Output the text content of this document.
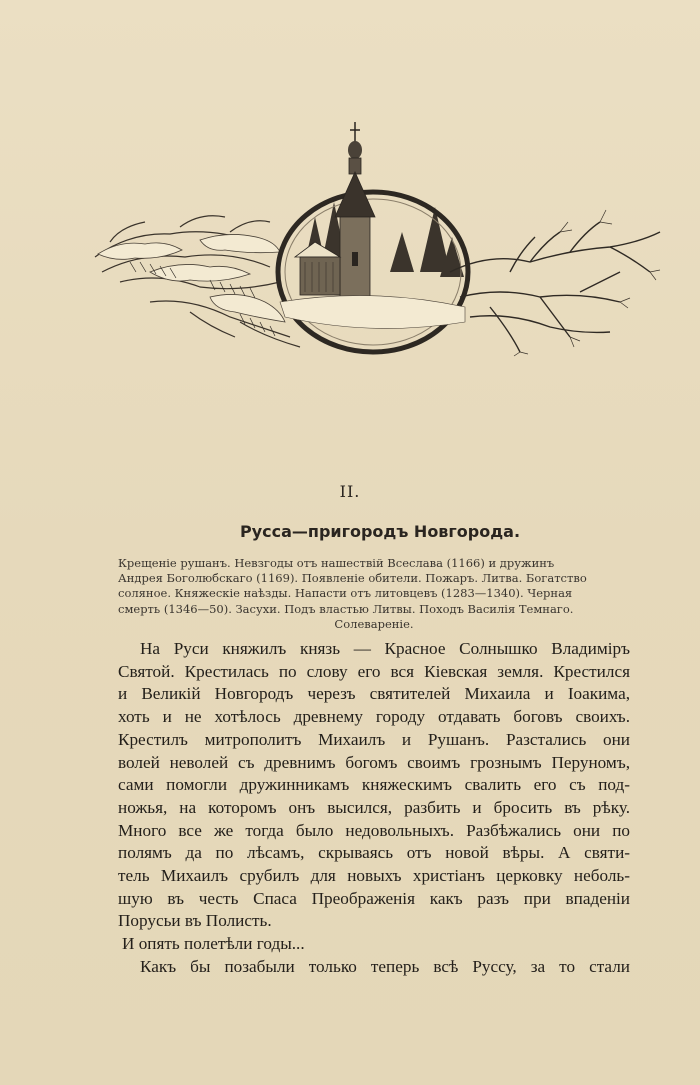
II.
Русса—пригородъ Новгорода.
Крещеніе рушанъ. Невзгоды отъ нашествій Всеслава (1166) и дружинъ
Андрея Боголюбскаго (1169). Появленіе обители. Пожаръ. Литва. Богатство
соляное. Княжескіе наѣзды. Напасти отъ литовцевъ (1283—1340). Черная
смерть (1346—50). Засухи. Подъ властью Литвы. Походъ Василія Темнаго.
Солевареніе.
На Руси княжилъ князь — Красное Солнышко Владиміръ
Святой. Крестилась по слову его вся Кіевская земля. Крестился
и Великій Новгородъ черезъ святителей Михаила и Іоакима,
хоть и не хотѣлось древнему городу отдавать боговъ своихъ.
Крестилъ митрополитъ Михаилъ и Рушанъ. Разстались они
волей неволей съ древнимъ богомъ своимъ грознымъ Перуномъ,
сами помогли дружинникамъ княжескимъ свалить его съ под-
ножья, на которомъ онъ высился, разбить и бросить въ рѣку.
Много все же тогда было недовольныхъ. Разбѣжались они по
полямъ да по лѣсамъ, скрываясь отъ новой вѣры. А святи-
тель Михаилъ срубилъ для новыхъ христіанъ церковку неболь-
шую въ честь Спаса Преображенія какъ разъ при впаденіи
Порусьи въ Полисть.
И опять полетѣли годы...
Какъ бы позабыли только теперь всѣ Руссу, за то стали
